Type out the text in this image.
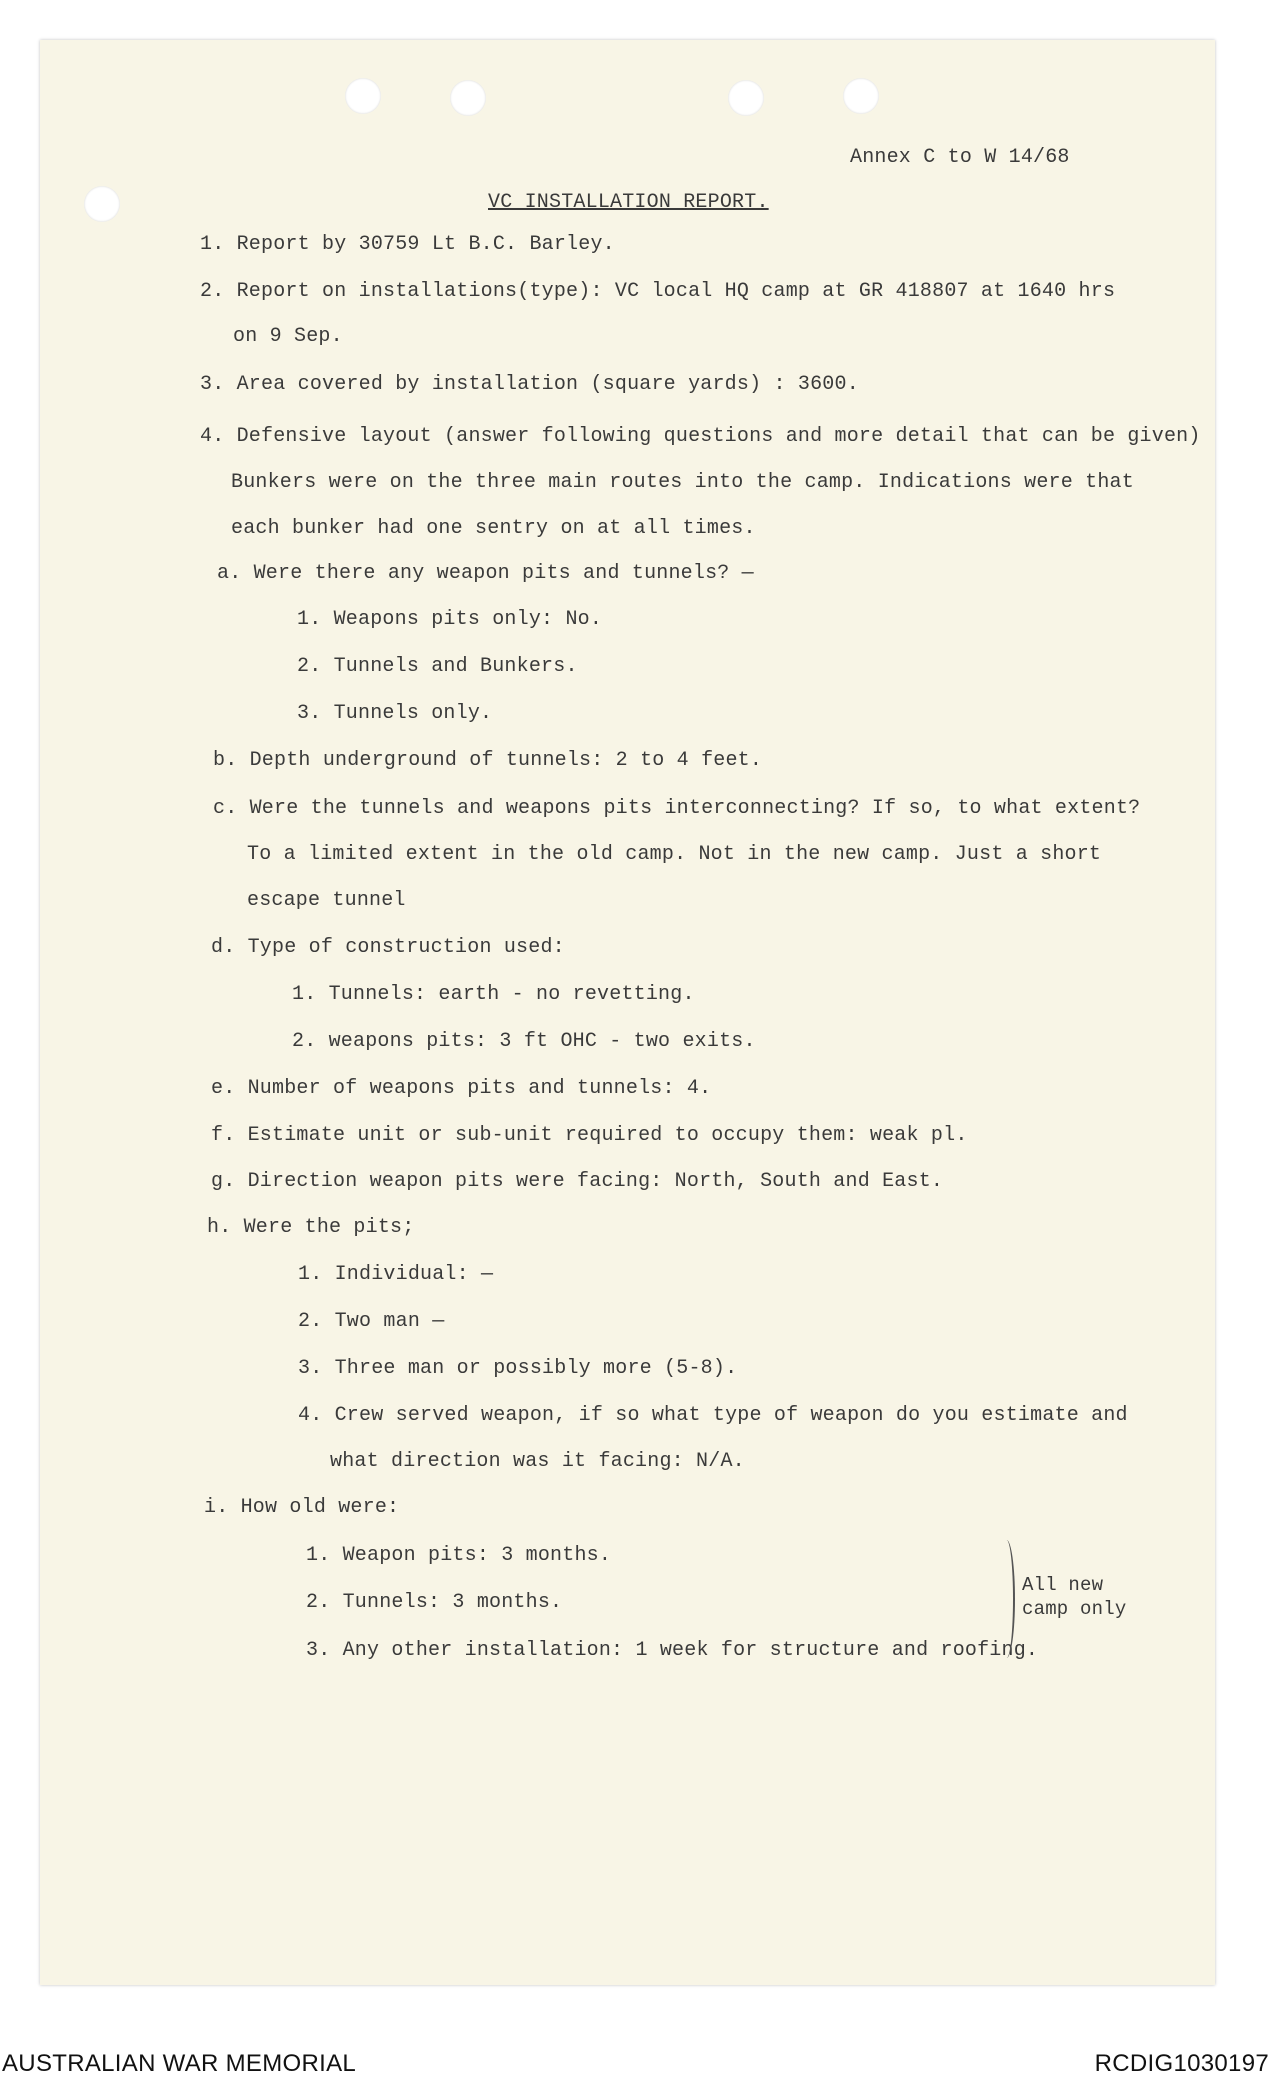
Annex C to W 14/68
VC INSTALLATION REPORT.
1. Report by 30759 Lt B.C. Barley.
2. Report on installations(type): VC local HQ camp at GR 418807 at 1640 hrs
on 9 Sep.
3. Area covered by installation (square yards) : 3600.
4. Defensive layout (answer following questions and more detail that can be given)
Bunkers were on the three main routes into the camp. Indications were that
each bunker had one sentry on at all times.
a. Were there any weapon pits and tunnels? —
1. Weapons pits only: No.
2. Tunnels and Bunkers.
3. Tunnels only.
b. Depth underground of tunnels: 2 to 4 feet.
c. Were the tunnels and weapons pits interconnecting? If so, to what extent?
To a limited extent in the old camp. Not in the new camp. Just a short
escape tunnel
d. Type of construction used:
1. Tunnels: earth - no revetting.
2. weapons pits: 3 ft OHC - two exits.
e. Number of weapons pits and tunnels: 4.
f. Estimate unit or sub-unit required to occupy them: weak pl.
g. Direction weapon pits were facing: North, South and East.
h. Were the pits;
1. Individual: —
2. Two man —
3. Three man or possibly more (5-8).
4. Crew served weapon, if so what type of weapon do you estimate and
what direction was it facing: N/A.
i. How old were:
1. Weapon pits: 3 months.
2. Tunnels: 3 months.
3. Any other installation: 1 week for structure and roofing.
All new
camp only
AUSTRALIAN WAR MEMORIAL	RCDIG1030197
